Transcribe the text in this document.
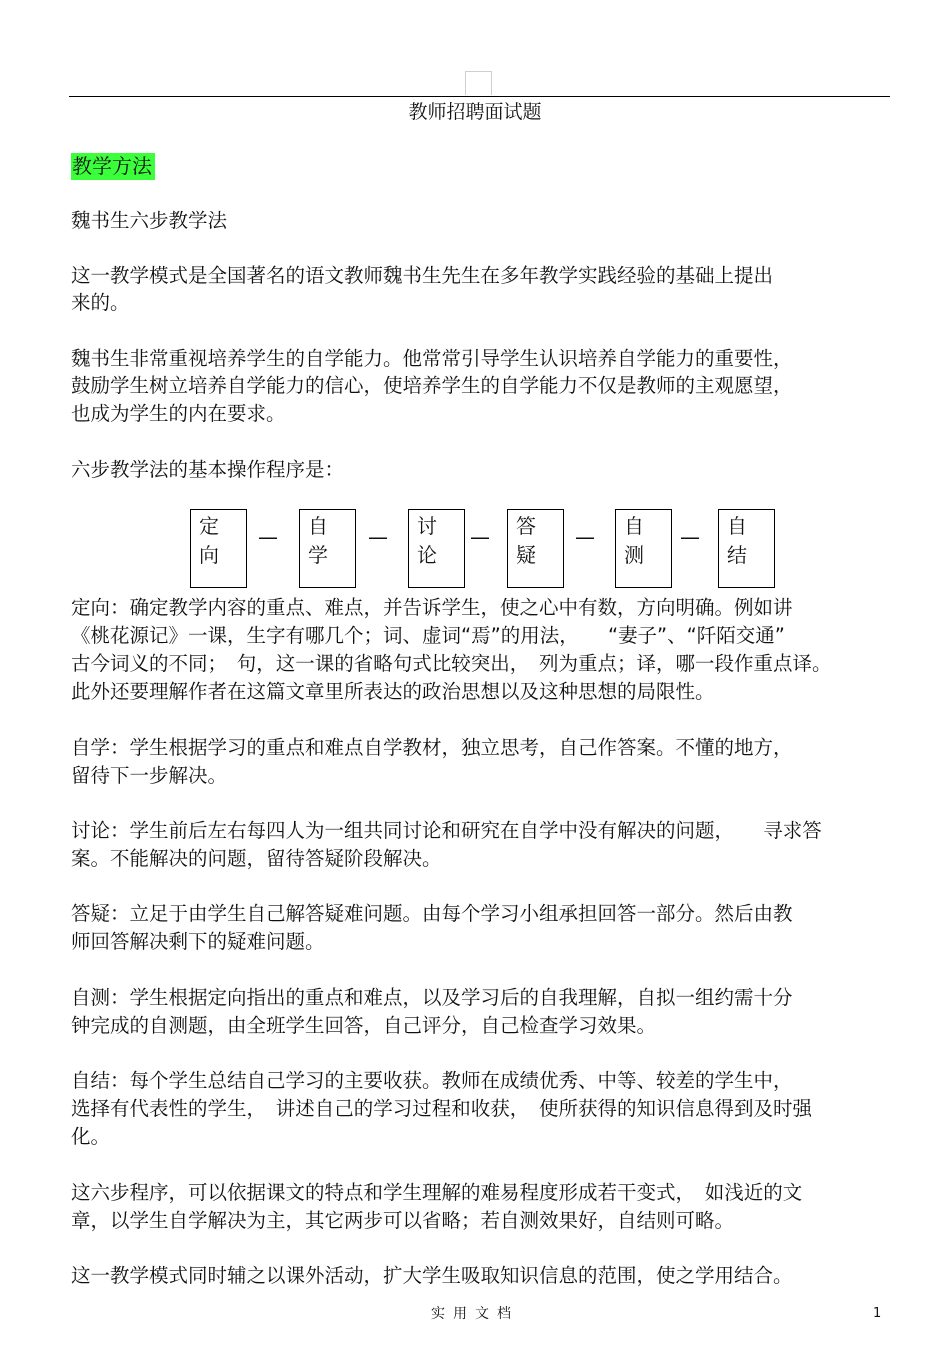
教师招聘面试题
教学方法

魏书生六步教学法

这一教学模式是全国著名的语文教师魏书生先生在多年教学实践经验的基础上提出

来的。

魏书生非常重视培养学生的自学能力。他常常引导学生认识培养自学能力的重要性，

鼓励学生树立培养自学能力的信心，使培养学生的自学能力不仅是教师的主观愿望，

也成为学生的内在要求。

六步教学法的基本操作程序是：

定
向
— 自
学
— 讨
论
— 答
疑
— 自
测
— 自
结

定向：确定教学内容的重点、难点，并告诉学生，使之心中有数，方向明确。例如讲

《桃花源记》一课，生字有哪几个；词、虚词“焉”的用法，　　“妻子”、“阡陌交通”

古今词义的不同；　句，这一课的省略句式比较突出，　列为重点；译，哪一段作重点译。

此外还要理解作者在这篇文章里所表达的政治思想以及这种思想的局限性。

自学：学生根据学习的重点和难点自学教材，独立思考，自己作答案。不懂的地方，

留待下一步解决。

讨论：学生前后左右每四人为一组共同讨论和研究在自学中没有解决的问题，　　寻求答

案。不能解决的问题，留待答疑阶段解决。

答疑：立足于由学生自己解答疑难问题。由每个学习小组承担回答一部分。然后由教

师回答解决剩下的疑难问题。

自测：学生根据定向指出的重点和难点，以及学习后的自我理解，自拟一组约需十分

钟完成的自测题，由全班学生回答，自己评分，自己检查学习效果。

自结：每个学生总结自己学习的主要收获。教师在成绩优秀、中等、较差的学生中，

选择有代表性的学生，　讲述自己的学习过程和收获，　使所获得的知识信息得到及时强

化。

这六步程序，可以依据课文的特点和学生理解的难易程度形成若干变式，　如浅近的文

章，以学生自学解决为主，其它两步可以省略；若自测效果好，自结则可略。

这一教学模式同时辅之以课外活动，扩大学生吸取知识信息的范围，使之学用结合。

实用文档	1
